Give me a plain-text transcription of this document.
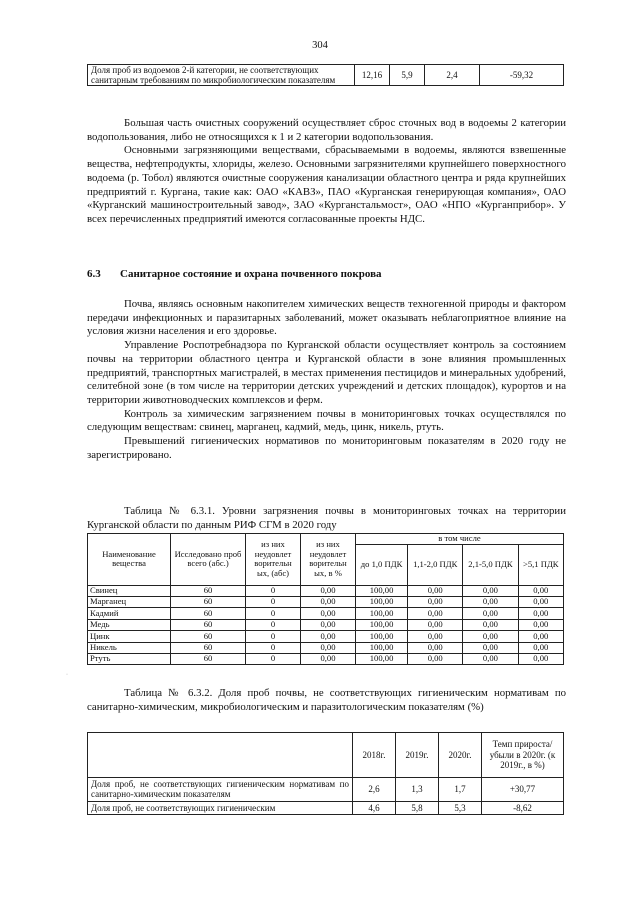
304
Доля проб из водоемов 2-й категории, не соответствующих санитарным требованиям по микробиологическим показателям	12,16	5,9	2,4	-59,32

Большая часть очистных сооружений осуществляет сброс сточных вод в водоемы 2 категории водопользования, либо не относящихся к 1 и 2 категории водопользования.

Основными загрязняющими веществами, сбрасываемыми в водоемы, являются взвешенные вещества, нефтепродукты, хлориды, железо. Основными загрязнителями крупнейшего поверхностного водоема (р. Тобол) являются очистные сооружения канализации областного центра и ряда крупнейших предприятий г. Кургана, такие как: ОАО «КАВЗ», ПАО «Курганская генерирующая компания», ОАО «Курганский машиностроительный завод», ЗАО «Курганстальмост», ОАО «НПО «Курганприбор». У всех перечисленных предприятий имеются согласованные проекты НДС.

6.3 Санитарное состояние и охрана почвенного покрова

Почва, являясь основным накопителем химических веществ техногенной природы и фактором передачи инфекционных и паразитарных заболеваний, может оказывать неблагоприятное влияние на условия жизни населения и его здоровье.

Управление Роспотребнадзора по Курганской области осуществляет контроль за состоянием почвы на территории областного центра и Курганской области в зоне влияния промышленных предприятий, транспортных магистралей, в местах применения пестицидов и минеральных удобрений, селитебной зоне (в том числе на территории детских учреждений и детских площадок), курортов и на территории животноводческих комплексов и ферм.

Контроль за химическим загрязнением почвы в мониторинговых точках осуществлялся по следующим веществам: свинец, марганец, кадмий, медь, цинк, никель, ртуть.

Превышений гигиенических нормативов по мониторинговым показателям в 2020 году не зарегистрировано.

Таблица № 6.3.1. Уровни загрязнения почвы в мониторинговых точках на территории Курганской области по данным РИФ СГМ в 2020 году
Наименование вещества	Исследовано проб всего (абс.)	из них неудовлет ворительн ых, (абс)	из них неудовлет ворительн ых, в %	в том числе			
				до 1,0 ПДК	1,1-2,0 ПДК	2,1-5,0 ПДК	>5,1 ПДК
Свинец	60	0	0,00	100,00	0,00	0,00	0,00
Марганец	60	0	0,00	100,00	0,00	0,00	0,00
Кадмий	60	0	0,00	100,00	0,00	0,00	0,00
Медь	60	0	0,00	100,00	0,00	0,00	0,00
Цинк	60	0	0,00	100,00	0,00	0,00	0,00
Никель	60	0	0,00	100,00	0,00	0,00	0,00
Ртуть	60	0	0,00	100,00	0,00	0,00	0,00
Таблица № 6.3.2. Доля проб почвы, не соответствующих гигиеническим нормативам по санитарно-химическим, микробиологическим и паразитологическим показателям (%)
	2018г.	2019г.	2020г.	Темп прироста/убыли в 2020г. (к 2019г., в %)
Доля проб, не соответствующих гигиеническим нормативам по санитарно-химическим показателям	2,6	1,3	1,7	+30,77
Доля проб, не соответствующих гигиеническим	4,6	5,8	5,3	-8,62
·
